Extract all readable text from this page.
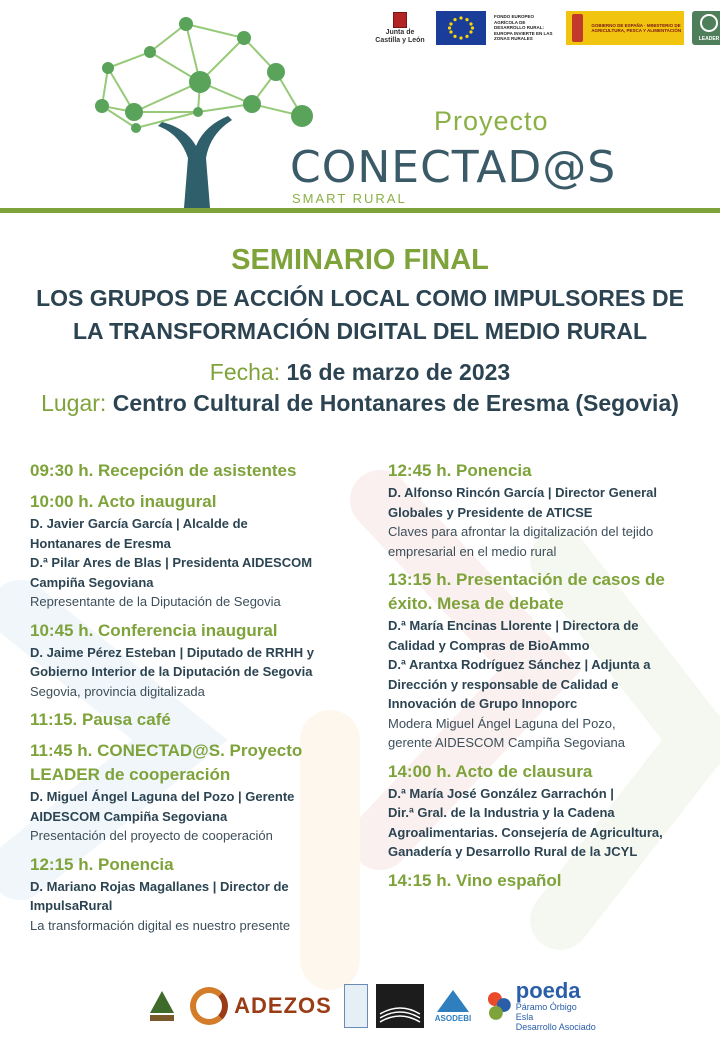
Junta de
Castilla y León
FONDO EUROPEO AGRÍCOLA DE DESARROLLO RURAL: EUROPA INVIERTE EN LAS ZONAS RURALES
GOBIERNO DE ESPAÑA · MINISTERIO DE AGRICULTURA, PESCA Y ALIMENTACIÓN
LEADER
Proyecto
CONECTAD@S
SMART RURAL
SEMINARIO FINAL
LOS GRUPOS DE ACCIÓN LOCAL COMO IMPULSORES DE
LA TRANSFORMACIÓN DIGITAL DEL MEDIO RURAL
Fecha: 16 de marzo de 2023
Lugar: Centro Cultural de Hontanares de Eresma (Segovia)
09:30 h. Recepción de asistentes
10:00 h. Acto inaugural
D. Javier García García | Alcalde de
Hontanares de Eresma
D.ª Pilar Ares de Blas | Presidenta AIDESCOM
Campiña Segoviana
Representante de la Diputación de Segovia
10:45 h. Conferencia inaugural
D. Jaime Pérez Esteban | Diputado de RRHH y
Gobierno Interior de la Diputación de Segovia
Segovia, provincia digitalizada
11:15. Pausa café
11:45 h. CONECTAD@S. Proyecto
LEADER de cooperación
D. Miguel Ángel Laguna del Pozo | Gerente
AIDESCOM Campiña Segoviana
Presentación del proyecto de cooperación
12:15 h. Ponencia
D. Mariano Rojas Magallanes | Director de
ImpulsaRural
La transformación digital es nuestro presente
12:45 h. Ponencia
D. Alfonso Rincón García | Director General
Globales y Presidente de ATICSE
Claves para afrontar la digitalización del tejido
empresarial en el medio rural
13:15 h. Presentación de casos de
éxito. Mesa de debate
D.ª María Encinas Llorente | Directora de
Calidad y Compras de BioAmmo
D.ª Arantxa Rodríguez Sánchez | Adjunta a
Dirección y responsable de Calidad e
Innovación de Grupo Innoporc
Modera Miguel Ángel Laguna del Pozo,
gerente AIDESCOM Campiña Segoviana
14:00 h. Acto de clausura
D.ª María José González Garrachón |
Dir.ª Gral. de la Industria y la Cadena
Agroalimentarias. Consejería de Agricultura,
Ganadería y Desarrollo Rural de la JCYL
14:15 h. Vino español
ADEZOS	ASODEBI
poeda
Páramo Órbigo Esla
Desarrollo Asociado
